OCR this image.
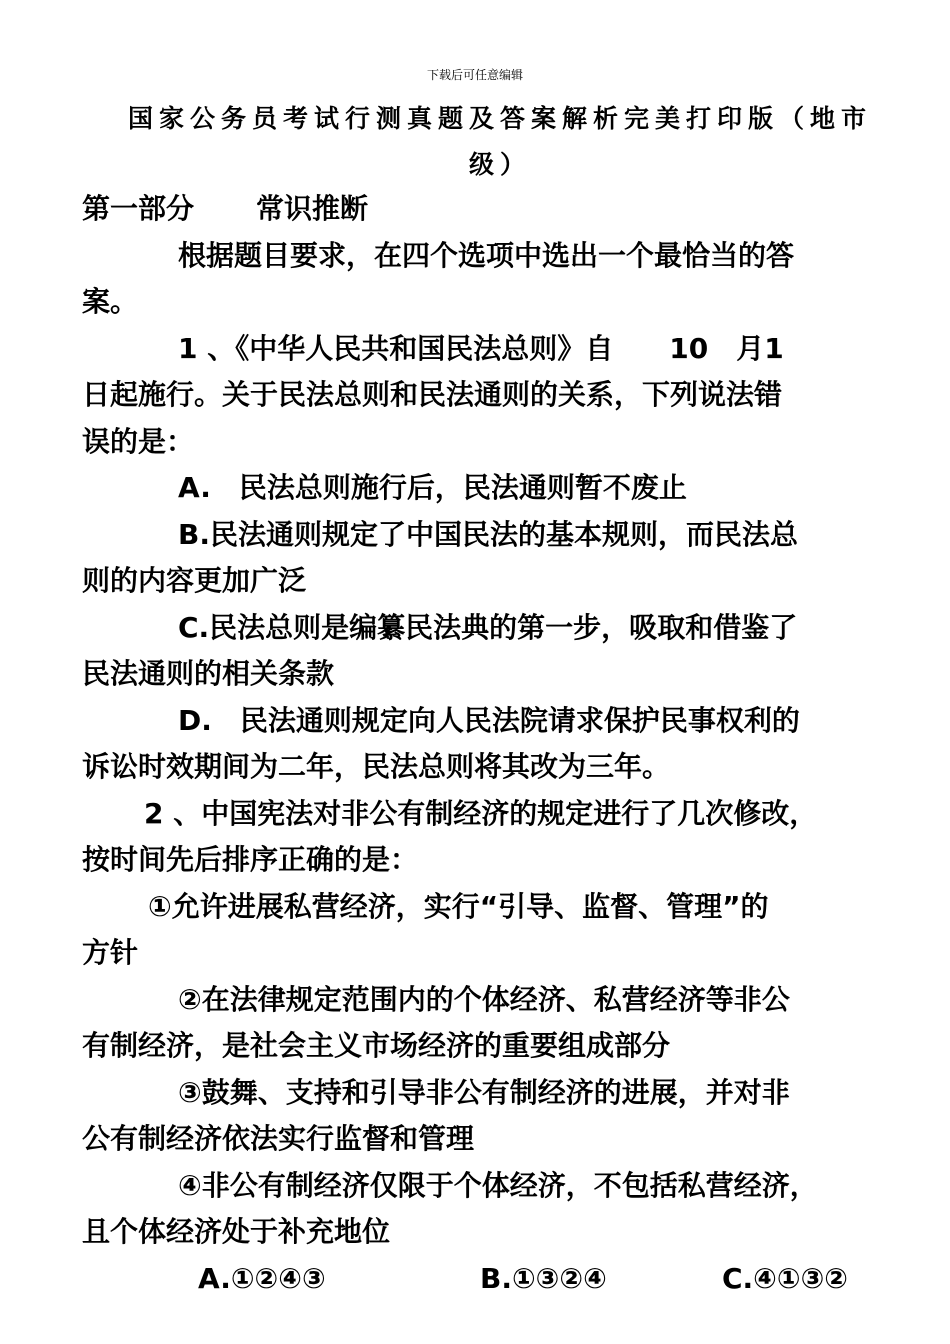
下载后可任意编辑
国家公务员考试行测真题及答案解析完美打印版（地市
级）

第一部分 常识推断

根据题目要求，在四个选项中选出一个最恰当的答

案。

1 、《中华人民共和国民法总则》自　　10　月1

日起施行。关于民法总则和民法通则的关系，下列说法错

误的是：

A.　民法总则施行后，民法通则暂不废止

B.民法通则规定了中国民法的基本规则，而民法总

则的内容更加广泛

C.民法总则是编纂民法典的第一步，吸取和借鉴了

民法通则的相关条款

D.　民法通则规定向人民法院请求保护民事权利的

诉讼时效期间为二年，民法总则将其改为三年。

2 、中国宪法对非公有制经济的规定进行了几次修改，

按时间先后排序正确的是：

①允许进展私营经济，实行“引导、监督、管理”的

方针

②在法律规定范围内的个体经济、私营经济等非公

有制经济，是社会主义市场经济的重要组成部分

③鼓舞、支持和引导非公有制经济的进展，并对非

公有制经济依法实行监督和管理

④非公有制经济仅限于个体经济，不包括私营经济，

且个体经济处于补充地位

A.①②④③	B.①③②④	C.④①③②
